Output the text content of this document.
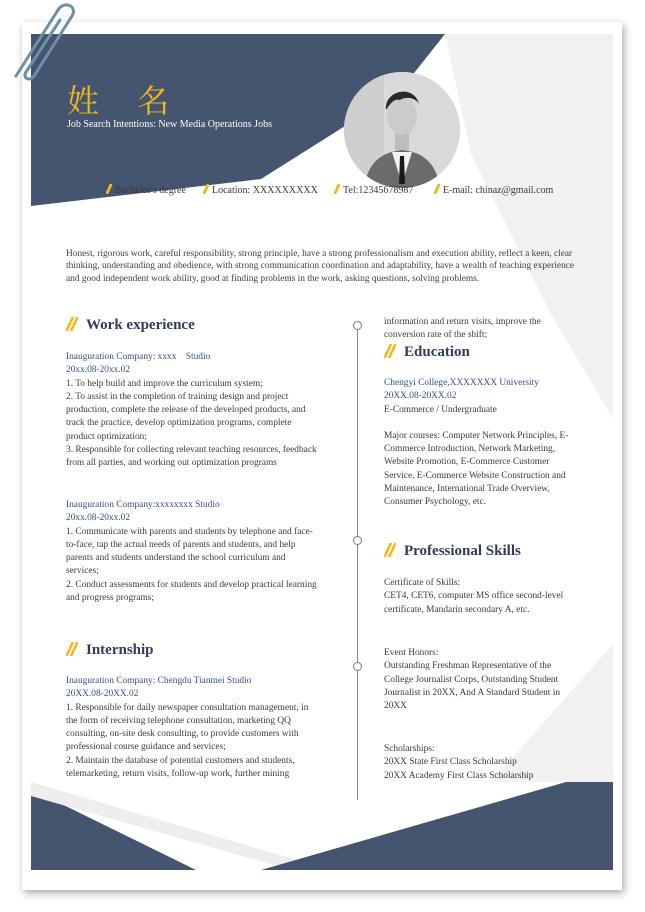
姓 名
Job Search Intentions: New Media Operations Jobs
Bachelor's degree	Location: XXXXXXXXX	Tel:12345678987	E-mail: chinaz@gmail.com
Honest, rigorous work, careful responsibility, strong principle, have a strong professionalism and execution ability, reflect a keen, clear thinking, understanding and obedience, with strong communication coordination and adaptability, have a wealth of teaching experience and good independent work ability, good at finding problems in the work, asking questions, solving problems.
Work experience

Inauguration Company: xxxx    Studio

20xx.08-20xx.02

1. To help build and improve the curriculum system;

2. To assist in the completion of training design and project production, complete the release of the developed products, and track the practice, develop optimization programs, complete product optimization;

3. Responsible for collecting relevant teaching resources, feedback from all parties, and working out optimization programs

Inauguration Company:xxxxxxxx Studio

20xx.08-20xx.02

1. Communicate with parents and students by telephone and face-to-face, tap the actual needs of parents and students, and help parents and students understand the school curriculum and services;

2. Conduct assessments for students and develop practical learning and progress programs;

Internship

Inauguration Company: Chengdu Tianmei Studio

20XX.08-20XX.02

1. Responsible for daily newspaper consultation management, in the form of receiving telephone consultation, marketing QQ consulting, on-site desk consulting, to provide customers with professional course guidance and services;

2. Maintain the database of potential customers and students, telemarketing, return visits, follow-up work, further mining

information and return visits, improve the conversion rate of the shift;
Education

Chengyi College,XXXXXXX University

20XX.08-20XX.02

E-Commerce / Undergraduate

Major courses: Computer Network Principles, E-Commerce Introduction, Network Marketing, Website Promotion, E-Commerce Customer Service, E-Commerce Website Construction and Maintenance, International Trade Overview, Consumer Psychology, etc.

Professional Skills

Certificate of Skills:

CET4, CET6, computer MS office second-level certificate, Mandarin secondary A, etc.

Event Honors:

Outstanding Freshman Representative of the College Journalist Corps, Outstanding Student Journalist in 20XX, And A Standard Student in 20XX

Scholarships:

20XX State First Class Scholarship

20XX Academy First Class Scholarship
